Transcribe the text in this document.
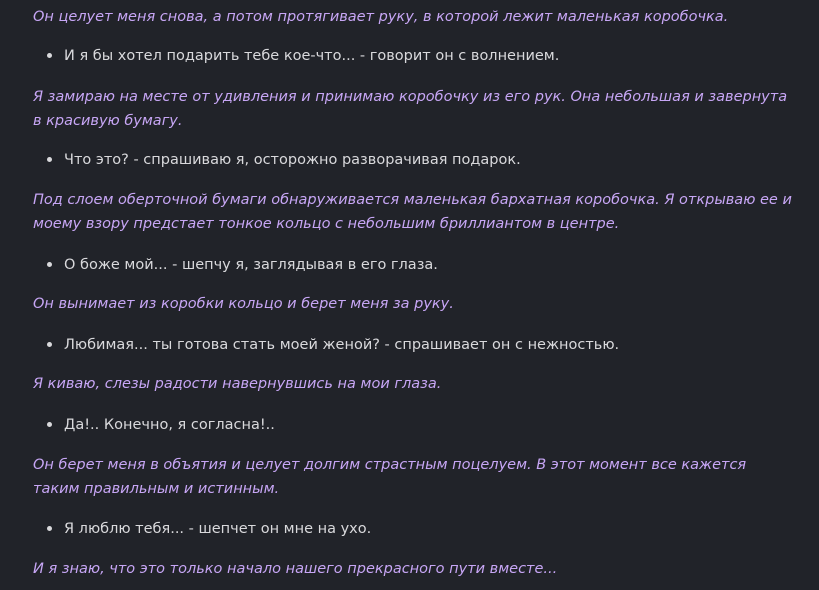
Он целует меня снова, а потом протягивает руку, в которой лежит маленькая коробочка.

И я бы хотел подарить тебе кое-что... - говорит он с волнением.

Я замираю на месте от удивления и принимаю коробочку из его рук. Она небольшая и завернута в красивую бумагу.

Что это? - спрашиваю я, осторожно разворачивая подарок.

Под слоем оберточной бумаги обнаруживается маленькая бархатная коробочка. Я открываю ее и моему взору предстает тонкое кольцо с небольшим бриллиантом в центре.

О боже мой... - шепчу я, заглядывая в его глаза.

Он вынимает из коробки кольцо и берет меня за руку.

Любимая... ты готова стать моей женой? - спрашивает он с нежностью.

Я киваю, слезы радости навернувшись на мои глаза.

Да!.. Конечно, я согласна!..

Он берет меня в объятия и целует долгим страстным поцелуем. В этот момент все кажется таким правильным и истинным.

Я люблю тебя... - шепчет он мне на ухо.

И я знаю, что это только начало нашего прекрасного пути вместе...
